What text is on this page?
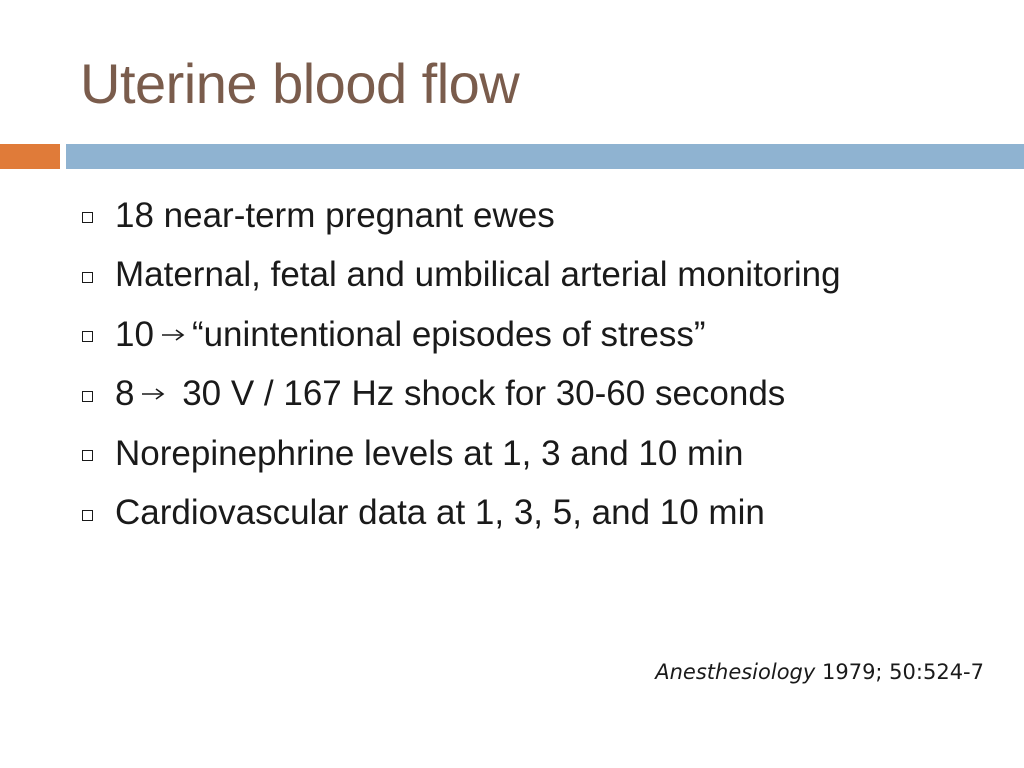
Uterine blood flow
18 near-term pregnant ewes
Maternal, fetal and umbilical arterial monitoring
10 “unintentional episodes of stress”
8 30 V / 167 Hz shock for 30-60 seconds
Norepinephrine levels at 1, 3 and 10 min
Cardiovascular data at 1, 3, 5, and 10 min
Anesthesiology 1979; 50:524-7
